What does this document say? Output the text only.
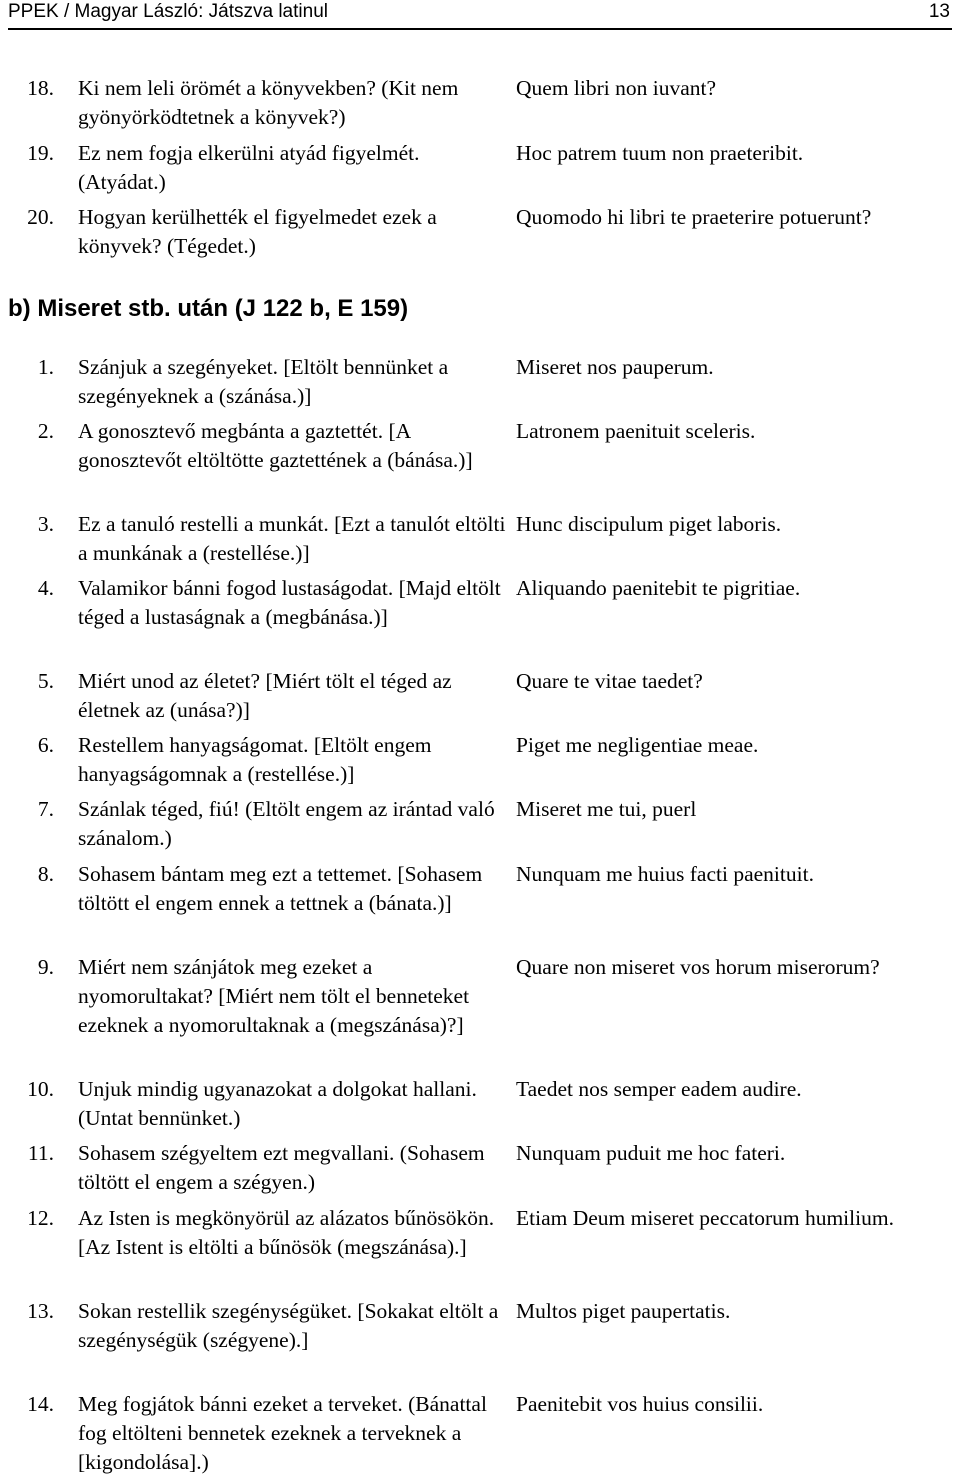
PPEK / Magyar László: Játszva latinul	13
18. Ki nem leli örömét a könyvekben? (Kit nem gyönyörködtetnek a könyvek?)
Quem libri non iuvant?
19. Ez nem fogja elkerülni atyád figyelmét. (Atyádat.)
Hoc patrem tuum non praeteribit.
20. Hogyan kerülhették el figyelmedet ezek a könyvek? (Tégedet.)
Quomodo hi libri te praeterire potuerunt?
b) Miseret stb. után (J 122 b, E 159)
1. Szánjuk a szegényeket. [Eltölt bennünket a szegényeknek a (szánása.)]
Miseret nos pauperum.
2. A gonosztevő megbánta a gaztettét. [A gonosztevőt eltöltötte gaztettének a (bánása.)]
Latronem paenituit sceleris.
3. Ez a tanuló restelli a munkát. [Ezt a tanulót eltölti a munkának a (restellése.)]
Hunc discipulum piget laboris.
4. Valamikor bánni fogod lustaságodat. [Majd eltölt téged a lustaságnak a (megbánása.)]
Aliquando paenitebit te pigritiae.
5. Miért unod az életet? [Miért tölt el téged az életnek az (unása?)]
Quare te vitae taedet?
6. Restellem hanyagságomat. [Eltölt engem hanyagságomnak a (restellése.)]
Piget me negligentiae meae.
7. Szánlak téged, fiú! (Eltölt engem az irántad való szánalom.)
Miseret me tui, puerl
8. Sohasem bántam meg ezt a tettemet. [Sohasem töltött el engem ennek a tettnek a (bánata.)]
Nunquam me huius facti paenituit.
9. Miért nem szánjátok meg ezeket a nyomorultakat? [Miért nem tölt el benneteket ezeknek a nyomorultaknak a (megszánása)?]
Quare non miseret vos horum miserorum?
10. Unjuk mindig ugyanazokat a dolgokat hallani. (Untat bennünket.)
Taedet nos semper eadem audire.
11. Sohasem szégyeltem ezt megvallani. (Sohasem töltött el engem a szégyen.)
Nunquam puduit me hoc fateri.
12. Az Isten is megkönyörül az alázatos bűnösökön. [Az Istent is eltölti a bűnösök (megszánása).]
Etiam Deum miseret peccatorum humilium.
13. Sokan restellik szegénységüket. [Sokakat eltölt a szegénységük (szégyene).]
Multos piget paupertatis.
14. Meg fogjátok bánni ezeket a terveket. (Bánattal fog eltölteni bennetek ezeknek a terveknek a [kigondolása].)
Paenitebit vos huius consilii.
